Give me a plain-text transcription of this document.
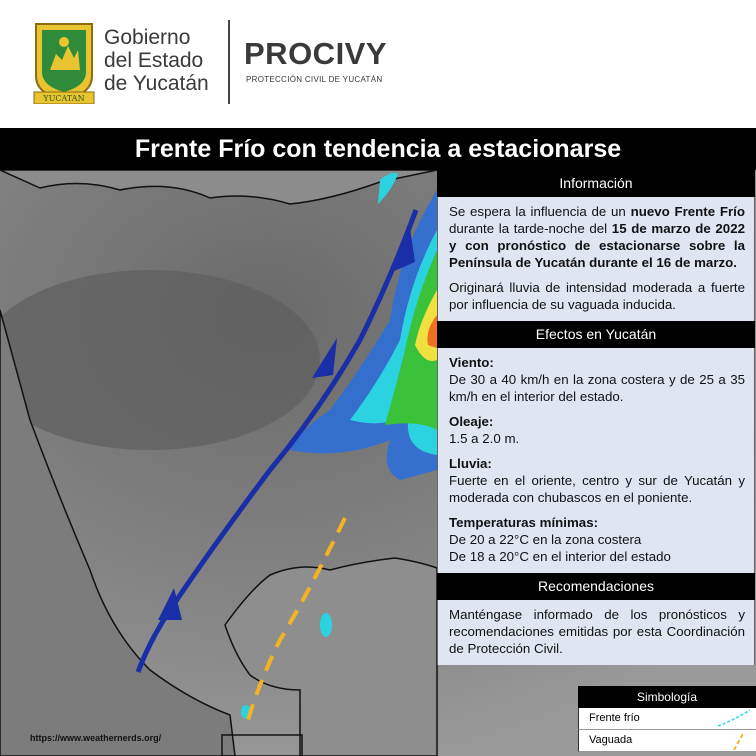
YUCATAN
Gobierno
del Estado
de Yucatán
PROCIVY
PROTECCIÓN CIVIL DE YUCATÁN
Frente Frío con tendencia a estacionarse
Información

Se espera la influencia de un nuevo Frente Frío durante la tarde-noche del 15 de marzo de 2022 y con pronóstico de estacionarse sobre la Península de Yucatán durante el 16 de marzo.

Originará lluvia de intensidad moderada a fuerte por influencia de su vaguada inducida.

Efectos en Yucatán
Viento:

De 30 a 40 km/h en la zona costera y de 25 a 35 km/h en el interior del estado.

Oleaje:

1.5 a 2.0 m.

Lluvia:

Fuerte en el oriente, centro y sur de Yucatán y moderada con chubascos en el poniente.

Temperaturas mínimas:
De 20 a 22°C en la zona costera
De 18 a 20°C en el interior del estado
Recomendaciones

Manténgase informado de los pronósticos y recomendaciones emitidas por esta Coordinación de Protección Civil.

Simbología
Frente frío
Vaguada
https://www.weathernerds.org/
